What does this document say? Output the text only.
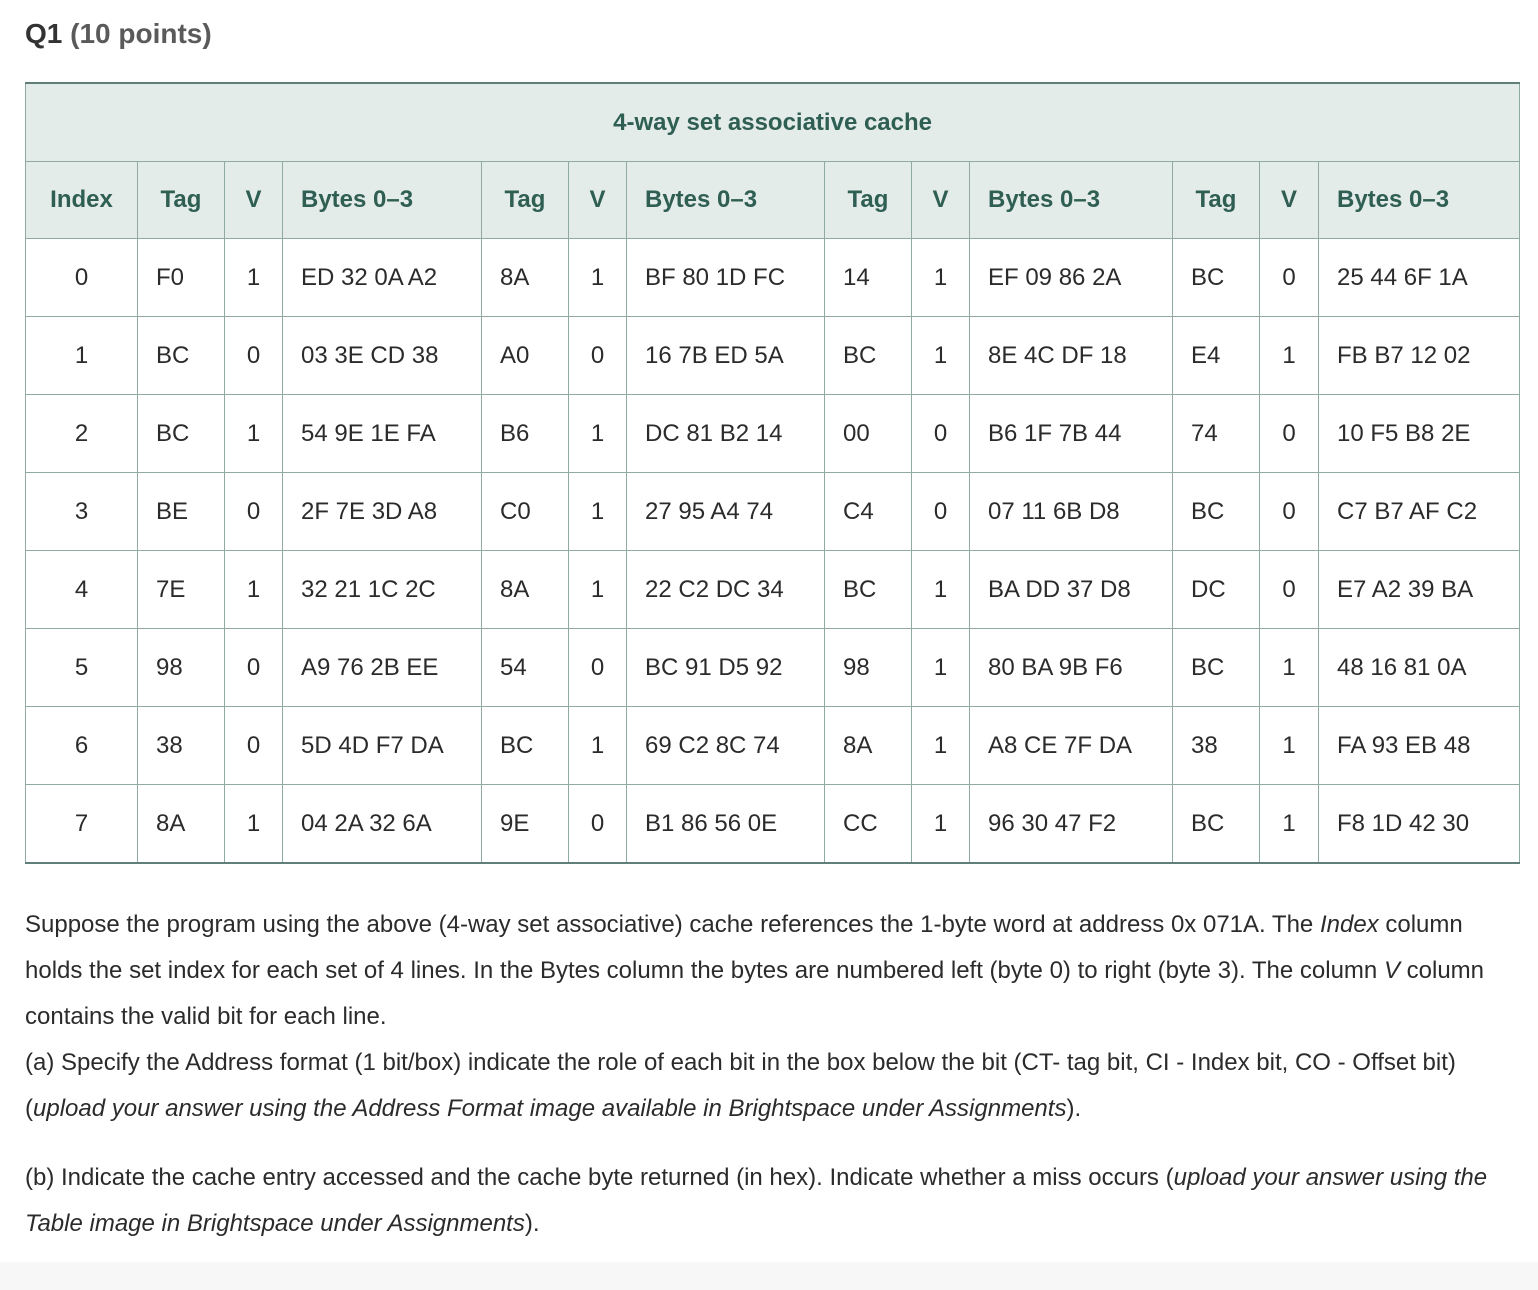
Q1 (10 points)
4-way set associative cache												
Index	Tag	V	Bytes 0–3	Tag	V	Bytes 0–3	Tag	V	Bytes 0–3	Tag	V	Bytes 0–3
0	F0	1	ED 32 0A A2	8A	1	BF 80 1D FC	14	1	EF 09 86 2A	BC	0	25 44 6F 1A
1	BC	0	03 3E CD 38	A0	0	16 7B ED 5A	BC	1	8E 4C DF 18	E4	1	FB B7 12 02
2	BC	1	54 9E 1E FA	B6	1	DC 81 B2 14	00	0	B6 1F 7B 44	74	0	10 F5 B8 2E
3	BE	0	2F 7E 3D A8	C0	1	27 95 A4 74	C4	0	07 11 6B D8	BC	0	C7 B7 AF C2
4	7E	1	32 21 1C 2C	8A	1	22 C2 DC 34	BC	1	BA DD 37 D8	DC	0	E7 A2 39 BA
5	98	0	A9 76 2B EE	54	0	BC 91 D5 92	98	1	80 BA 9B F6	BC	1	48 16 81 0A
6	38	0	5D 4D F7 DA	BC	1	69 C2 8C 74	8A	1	A8 CE 7F DA	38	1	FA 93 EB 48
7	8A	1	04 2A 32 6A	9E	0	B1 86 56 0E	CC	1	96 30 47 F2	BC	1	F8 1D 42 30
Suppose the program using the above (4-way set associative) cache references the 1-byte word at address 0x 071A. The Index column holds the set index for each set of 4 lines. In the Bytes column the bytes are numbered left (byte 0) to right (byte 3). The column V column contains the valid bit for each line.
(a) Specify the Address format (1 bit/box) indicate the role of each bit in the box below the bit (CT- tag bit, CI - Index bit, CO - Offset bit) (upload your answer using the Address Format image available in Brightspace under Assignments).
(b) Indicate the cache entry accessed and the cache byte returned (in hex). Indicate whether a miss occurs (upload your answer using the Table image in Brightspace under Assignments).
